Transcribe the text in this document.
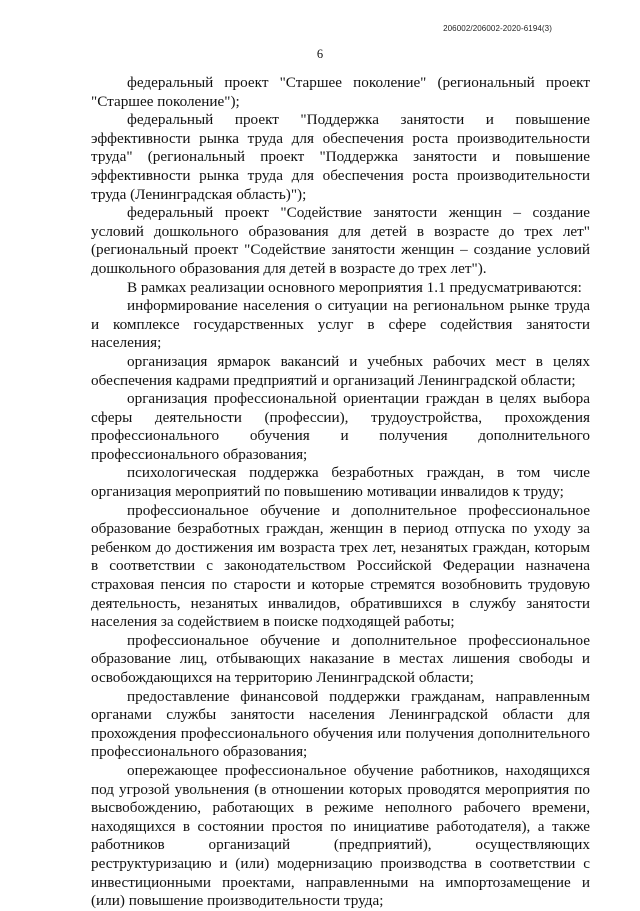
206002/206002-2020-6194(3)
6

федеральный проект "Старшее поколение" (региональный проект "Старшее поколение");

федеральный проект "Поддержка занятости и повышение эффективности рынка труда для обеспечения роста производительности труда" (региональный проект "Поддержка занятости и повышение эффективности рынка труда для обеспечения роста производительности труда (Ленинградская область)");

федеральный проект "Содействие занятости женщин – создание условий дошкольного образования для детей в возрасте до трех лет" (региональный проект "Содействие занятости женщин – создание условий дошкольного образования для детей в возрасте до трех лет").

В рамках реализации основного мероприятия 1.1 предусматриваются:

информирование населения о ситуации на региональном рынке труда и комплексе государственных услуг в сфере содействия занятости населения;

организация ярмарок вакансий и учебных рабочих мест в целях обеспечения кадрами предприятий и организаций Ленинградской области;

организация профессиональной ориентации граждан в целях выбора сферы деятельности (профессии), трудоустройства, прохождения профессионального обучения и получения дополнительного профессионального образования;

психологическая поддержка безработных граждан, в том числе организация мероприятий по повышению мотивации инвалидов к труду;

профессиональное обучение и дополнительное профессиональное образование безработных граждан, женщин в период отпуска по уходу за ребенком до достижения им возраста трех лет, незанятых граждан, которым в соответствии с законодательством Российской Федерации назначена страховая пенсия по старости и которые стремятся возобновить трудовую деятельность, незанятых инвалидов, обратившихся в службу занятости населения за содействием в поиске подходящей работы;

профессиональное обучение и дополнительное профессиональное образование лиц, отбывающих наказание в местах лишения свободы и освобождающихся на территорию Ленинградской области;

предоставление финансовой поддержки гражданам, направленным органами службы занятости населения Ленинградской области для прохождения профессионального обучения или получения дополнительного профессионального образования;

опережающее профессиональное обучение работников, находящихся под угрозой увольнения (в отношении которых проводятся мероприятия по высвобождению, работающих в режиме неполного рабочего времени, находящихся в состоянии простоя по инициативе работодателя), а также работников организаций (предприятий), осуществляющих реструктуризацию и (или) модернизацию производства в соответствии с инвестиционными проектами, направленными на импортозамещение и (или) повышение производительности труда;
